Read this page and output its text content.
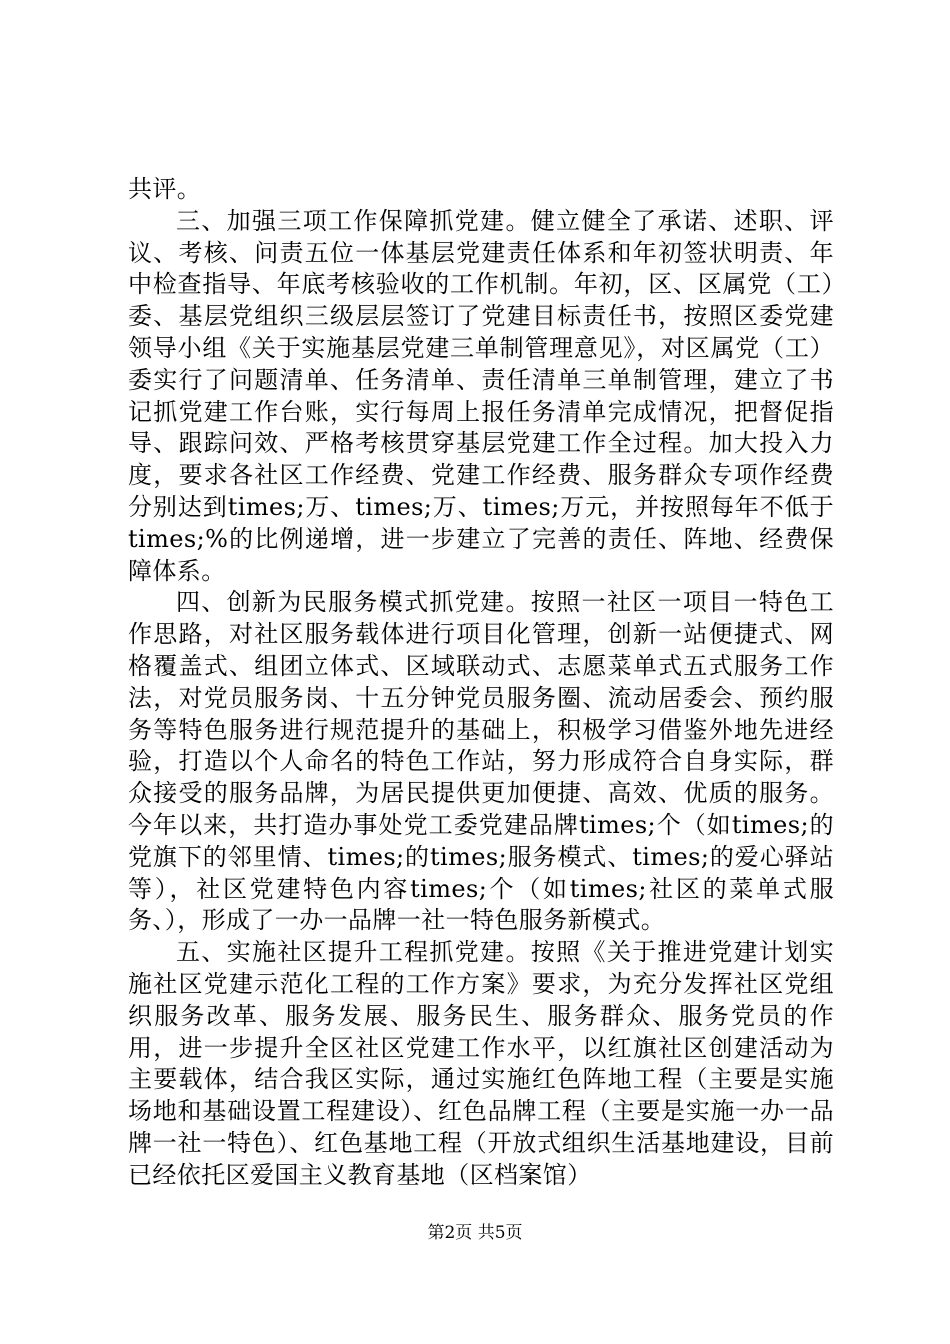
共评。

三、加强三项工作保障抓党建。健立健全了承诺、述职、评议、考核、问责五位一体基层党建责任体系和年初签状明责、年中检查指导、年底考核验收的工作机制。年初，区、区属党（工）委、基层党组织三级层层签订了党建目标责任书，按照区委党建领导小组《关于实施基层党建三单制管理意见》，对区属党（工）委实行了问题清单、任务清单、责任清单三单制管理，建立了书记抓党建工作台账，实行每周上报任务清单完成情况，把督促指导、跟踪问效、严格考核贯穿基层党建工作全过程。加大投入力度，要求各社区工作经费、党建工作经费、服务群众专项作经费分别达到times;万、times;万、times;万元，并按照每年不低于times;%的比例递增，进一步建立了完善的责任、阵地、经费保障体系。

四、创新为民服务模式抓党建。按照一社区一项目一特色工作思路，对社区服务载体进行项目化管理，创新一站便捷式、网格覆盖式、组团立体式、区域联动式、志愿菜单式五式服务工作法，对党员服务岗、十五分钟党员服务圈、流动居委会、预约服务等特色服务进行规范提升的基础上，积极学习借鉴外地先进经验，打造以个人命名的特色工作站，努力形成符合自身实际，群众接受的服务品牌，为居民提供更加便捷、高效、优质的服务。今年以来，共打造办事处党工委党建品牌times;个（如times;的党旗下的邻里情、times;的times;服务模式、times;的爱心驿站等），社区党建特色内容times;个（如times;社区的菜单式服务、），形成了一办一品牌一社一特色服务新模式。

五、实施社区提升工程抓党建。按照《关于推进党建计划实施社区党建示范化工程的工作方案》要求，为充分发挥社区党组织服务改革、服务发展、服务民生、服务群众、服务党员的作用，进一步提升全区社区党建工作水平，以红旗社区创建活动为主要载体，结合我区实际，通过实施红色阵地工程（主要是实施场地和基础设置工程建设）、红色品牌工程（主要是实施一办一品牌一社一特色）、红色基地工程（开放式组织生活基地建设，目前已经依托区爱国主义教育基地（区档案馆）

第2页 共5页
